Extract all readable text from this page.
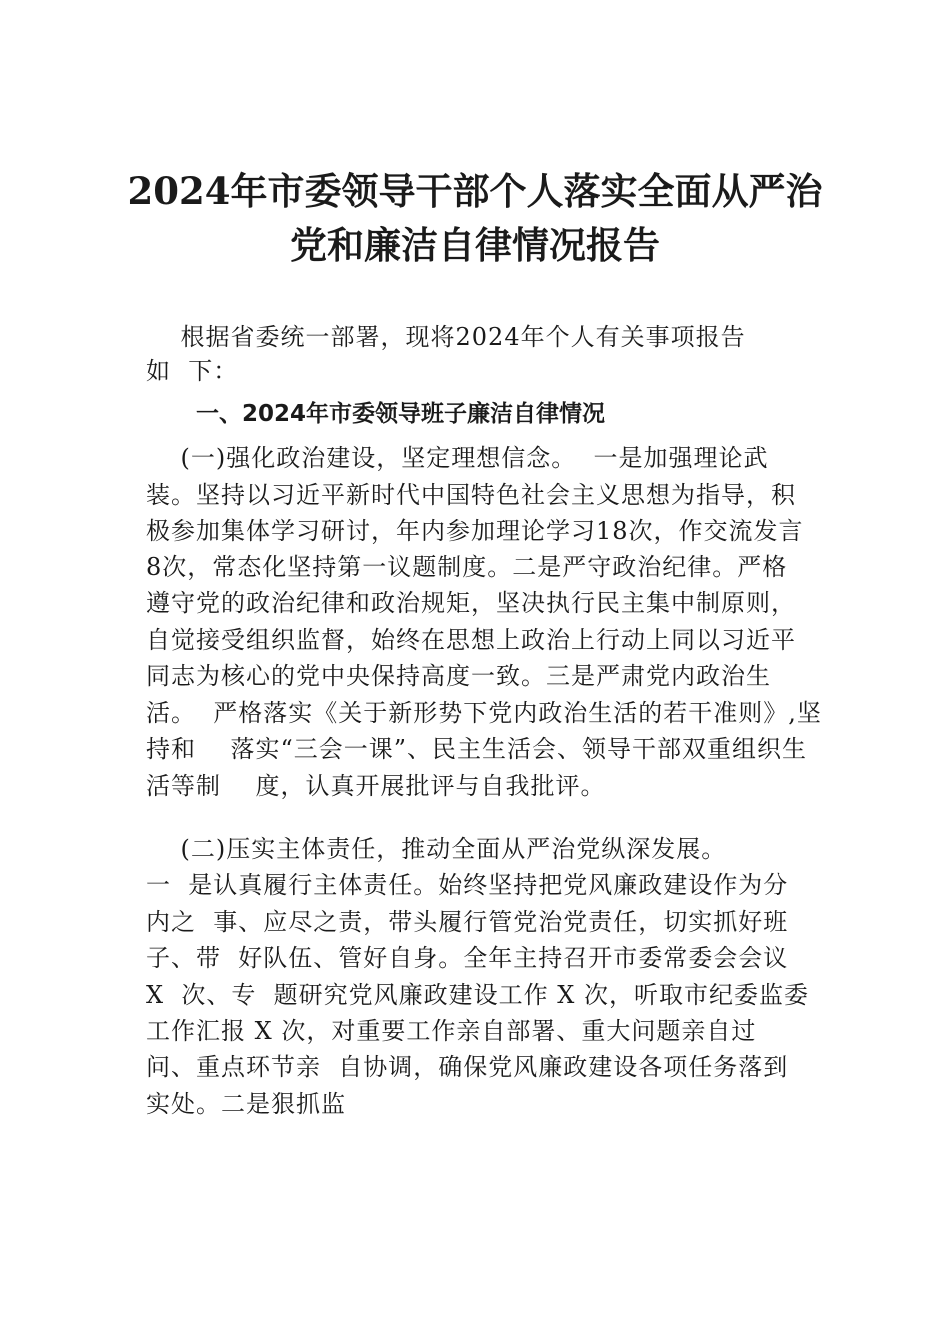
2024年市委领导干部个人落实全面从严治
党和廉洁自律情况报告
根据省委统一部署，现将2024年个人有关事项报告
如  下：
一、2024年市委领导班子廉洁自律情况
(一)强化政治建设，坚定理想信念。  一是加强理论武
装。坚持以习近平新时代中国特色社会主义思想为指导，积
极参加集体学习研讨，年内参加理论学习18次，作交流发言
8次，常态化坚持第一议题制度。二是严守政治纪律。严格
遵守党的政治纪律和政治规矩，坚决执行民主集中制原则，
自觉接受组织监督，始终在思想上政治上行动上同以习近平
同志为核心的党中央保持高度一致。三是严肃党内政治生
活。  严格落实《关于新形势下党内政治生活的若干准则》,坚
持和    落实“三会一课”、民主生活会、领导干部双重组织生
活等制    度，认真开展批评与自我批评。
(二)压实主体责任，推动全面从严治党纵深发展。
一  是认真履行主体责任。始终坚持把党风廉政建设作为分
内之  事、应尽之责，带头履行管党治党责任，切实抓好班
子、带  好队伍、管好自身。全年主持召开市委常委会会议
X  次、专  题研究党风廉政建设工作 X 次，听取市纪委监委
工作汇报 X 次，对重要工作亲自部署、重大问题亲自过
问、重点环节亲  自协调，确保党风廉政建设各项任务落到
实处。二是狠抓监
